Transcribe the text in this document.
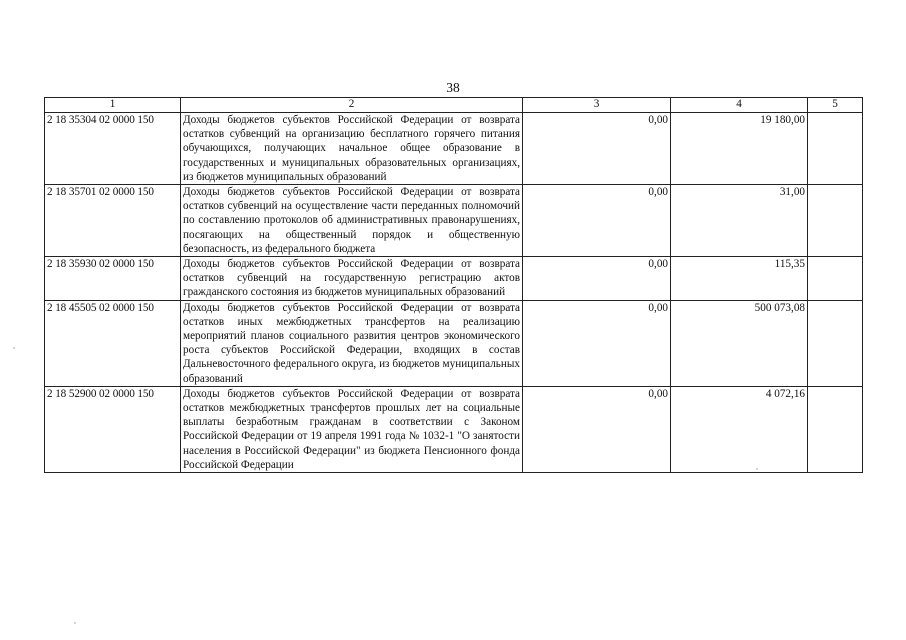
38
1	2	3	4	5
2 18 35304 02 0000 150	Доходы бюджетов субъектов Российской Федерации от возврата остатков субвенций на организацию бесплатного горячего питания обучающихся, получающих начальное общее образование в государственных и муниципальных образовательных организациях, из бюджетов муниципальных образований	0,00	19 180,00	
2 18 35701 02 0000 150	Доходы бюджетов субъектов Российской Федерации от возврата остатков субвенций на осуществление части переданных полномочий по составлению протоколов об административных правонарушениях, посягающих на общественный порядок и общественную безопасность, из федерального бюджета	0,00	31,00	
2 18 35930 02 0000 150	Доходы бюджетов субъектов Российской Федерации от возврата остатков субвенций на государственную регистрацию актов гражданского состояния из бюджетов муниципальных образований	0,00	115,35	
2 18 45505 02 0000 150	Доходы бюджетов субъектов Российской Федерации от возврата остатков иных межбюджетных трансфертов на реализацию мероприятий планов социального развития центров экономического роста субъектов Российской Федерации, входящих в состав Дальневосточного федерального округа, из бюджетов муниципальных образований	0,00	500 073,08	
2 18 52900 02 0000 150	Доходы бюджетов субъектов Российской Федерации от возврата остатков межбюджетных трансфертов прошлых лет на социальные выплаты безработным гражданам в соответствии с Законом Российской Федерации от 19 апреля 1991 года № 1032-1 "О занятости населения в Российской Федерации" из бюджета Пенсионного фонда Российской Федерации	0,00	4 072,16	
